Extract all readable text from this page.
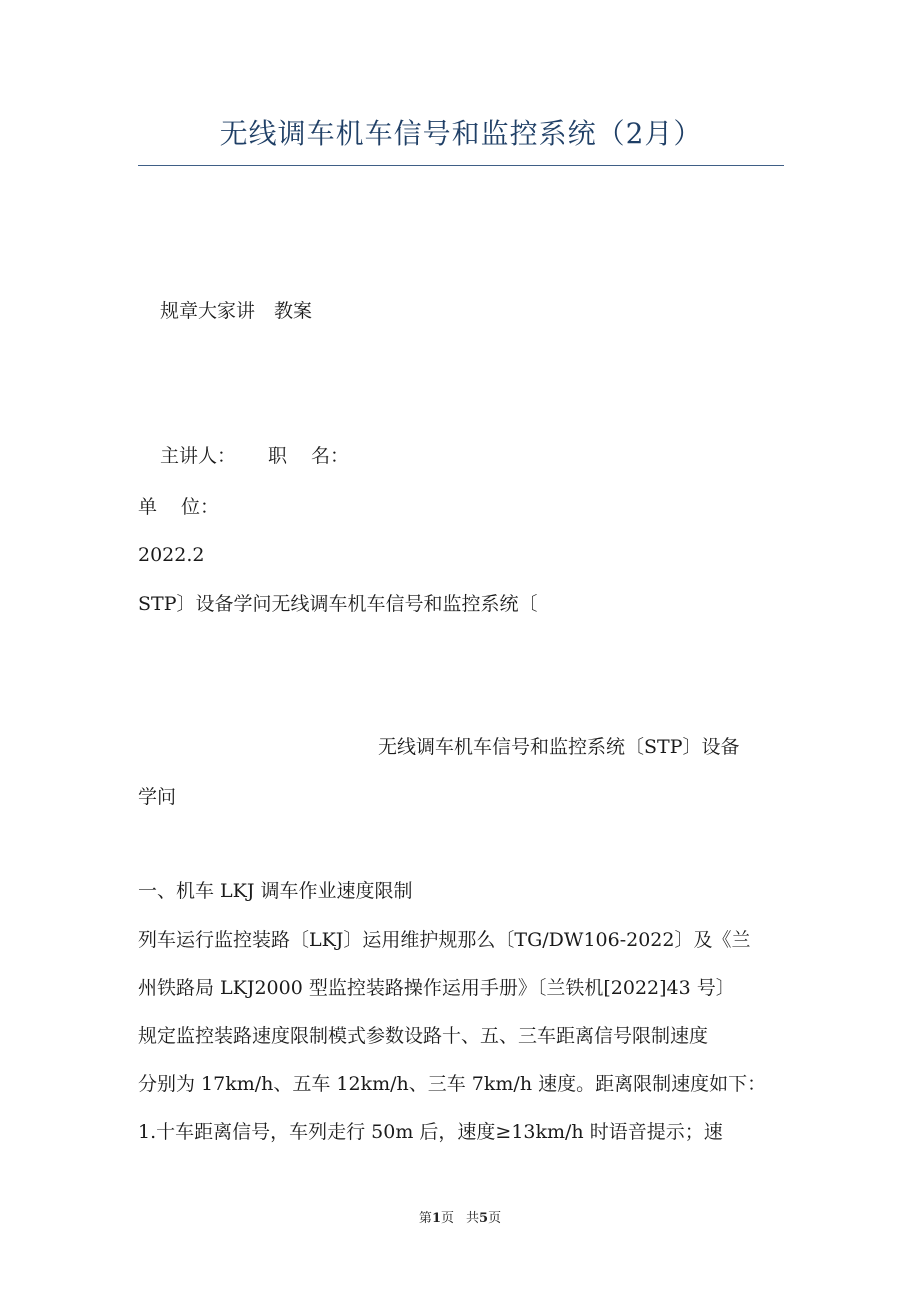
无线调车机车信号和监控系统（2月）
规章大家讲 教案
主讲人： 职 名：
单 位：
2022.2
STP〕设备学问无线调车机车信号和监控系统〔
无线调车机车信号和监控系统〔STP〕设备
学问
一、机车 LKJ 调车作业速度限制
列车运行监控装路〔LKJ〕运用维护规那么〔TG/DW106-2022〕及《兰
州铁路局 LKJ2000 型监控装路操作运用手册》〔兰铁机[2022]43 号〕
规定监控装路速度限制模式参数设路十、五、三车距离信号限制速度
分别为 17km/h、五车 12km/h、三车 7km/h 速度。距离限制速度如下：
1.十车距离信号，车列走行 50m 后，速度≥13km/h 时语音提示；速
第1页 共5页
